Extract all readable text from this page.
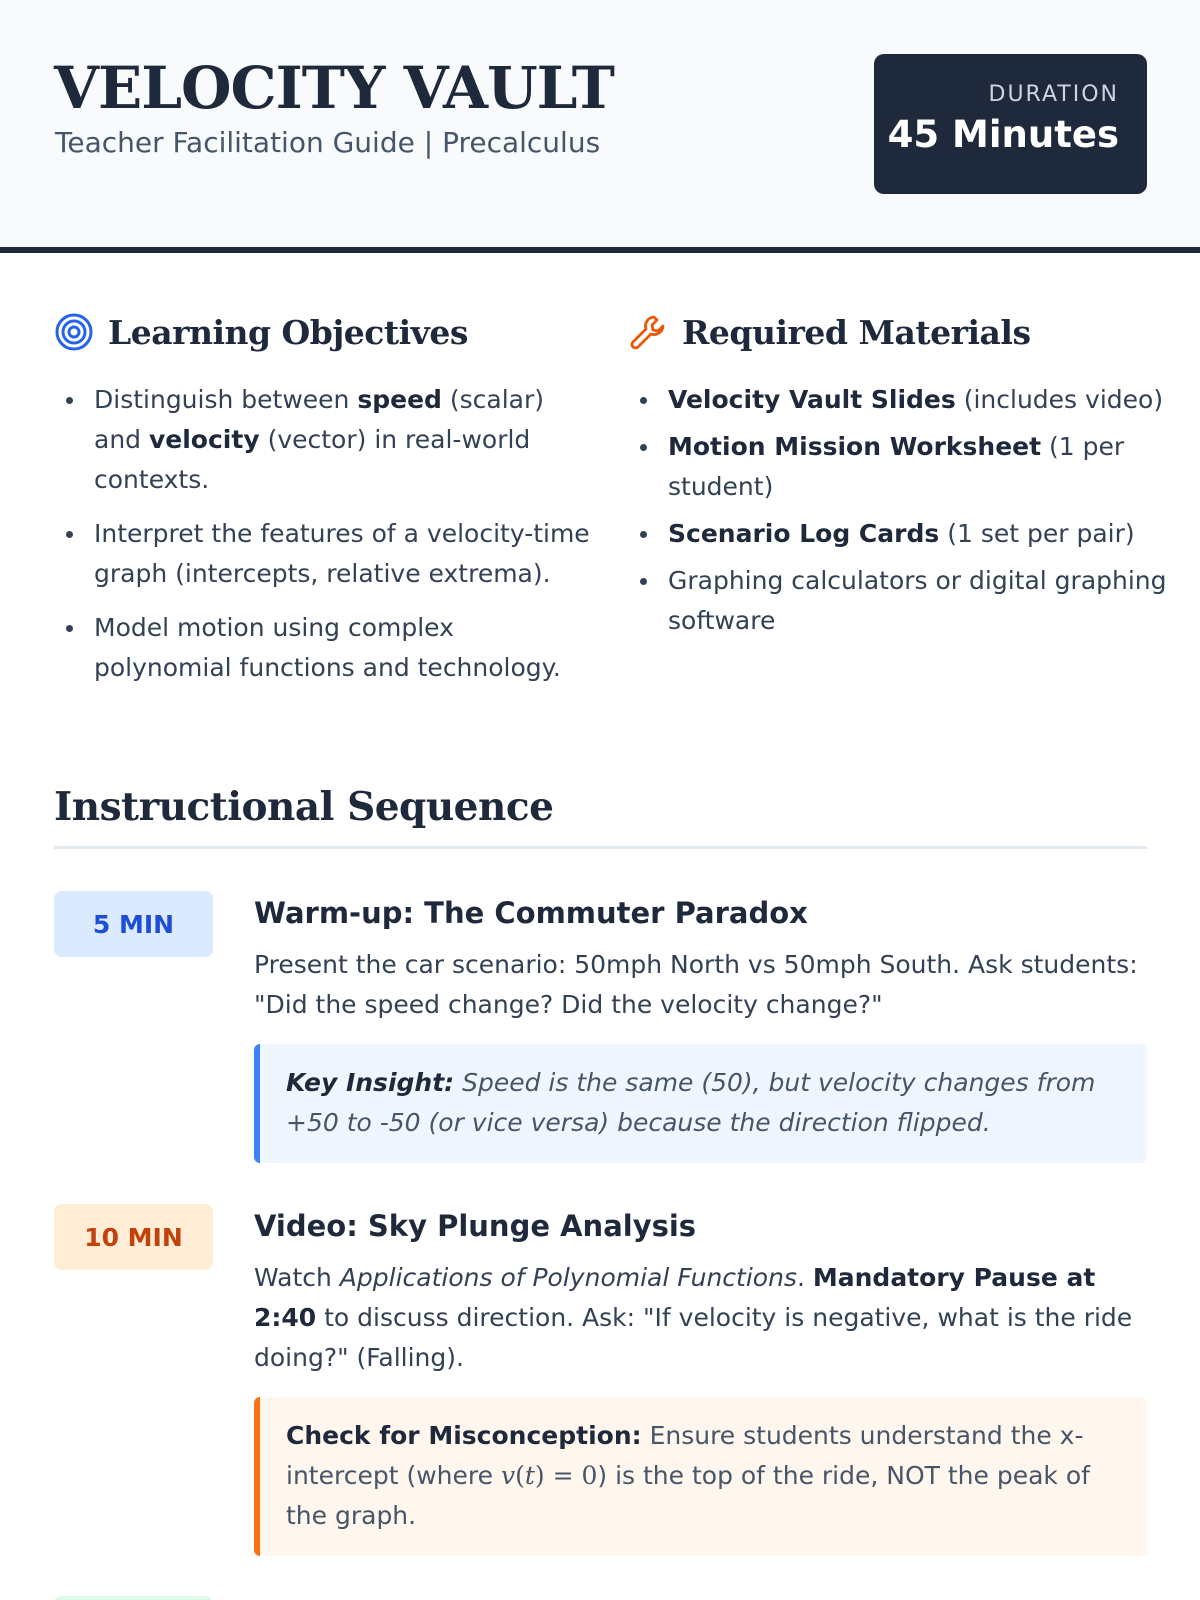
VELOCITY VAULT
Teacher Facilitation Guide | Precalculus
DURATION
45 Minutes
Learning Objectives
Distinguish between speed (scalar) and velocity (vector) in real-world contexts.
Interpret the features of a velocity-time graph (intercepts, relative extrema).
Model motion using complex polynomial functions and technology.
Required Materials
Velocity Vault Slides (includes video)
Motion Mission Worksheet (1 per student)
Scenario Log Cards (1 set per pair)
Graphing calculators or digital graphing software
Instructional Sequence
5 MIN	Warm-up: The Commuter Paradox
Present the car scenario: 50mph North vs 50mph South. Ask students: "Did the speed change? Did the velocity change?"
Key Insight: Speed is the same (50), but velocity changes from +50 to -50 (or vice versa) because the direction flipped.
10 MIN	Video: Sky Plunge Analysis
Watch Applications of Polynomial Functions. Mandatory Pause at 2:40 to discuss direction. Ask: "If velocity is negative, what is the ride doing?" (Falling).
Check for Misconception: Ensure students understand the x-intercept (where v(t) = 0) is the top of the ride, NOT the peak of the graph.
